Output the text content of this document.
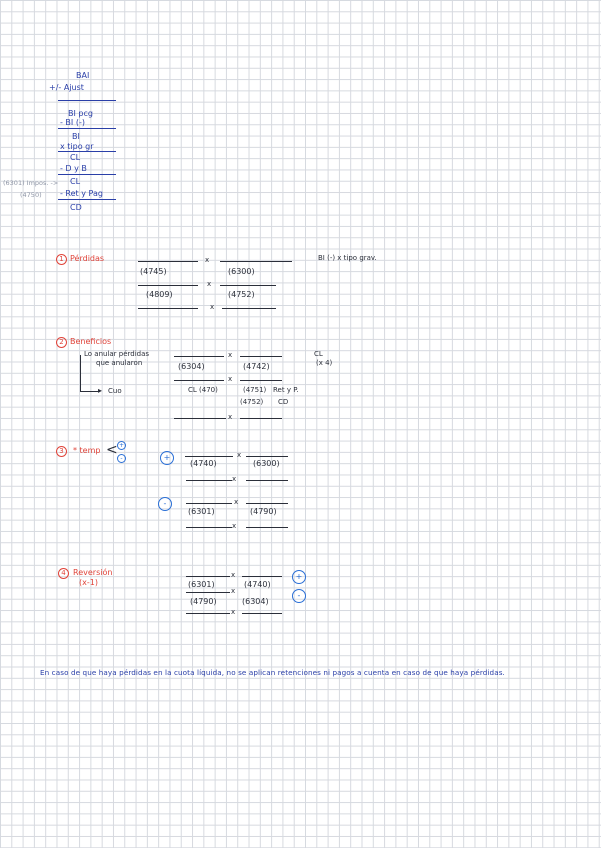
BAI
+/- Ajust
BI pcg
- BI (-)
BI
x tipo gr
CL
- D y B
CL
- Ret y Pag
CD
(6301) Impos. ->
(4750)
1 Pérdidas	x
(4745)	(6300)
BI (-) x tipo grav.
x
(4809)	(4752)
x
2 Beneficios
Lo anular pérdidas
que anularon
▸ Cuo
x
(6304)	(4742)
CL
(x 4)
x
CL (470)	(4751) Ret y P.
(4752) CD
x
3	* temp < +
-	+	x
(4740)	(6300)
x
-	x
(6301)	(4790)
x
4 Reversión
(x-1)
x
(6301)	(4740)
+
x
(4790)	(6304)
-
x
En caso de que haya pérdidas en la cuota líquida, no se aplican retenciones ni pagos a cuenta en caso de que haya pérdidas.
